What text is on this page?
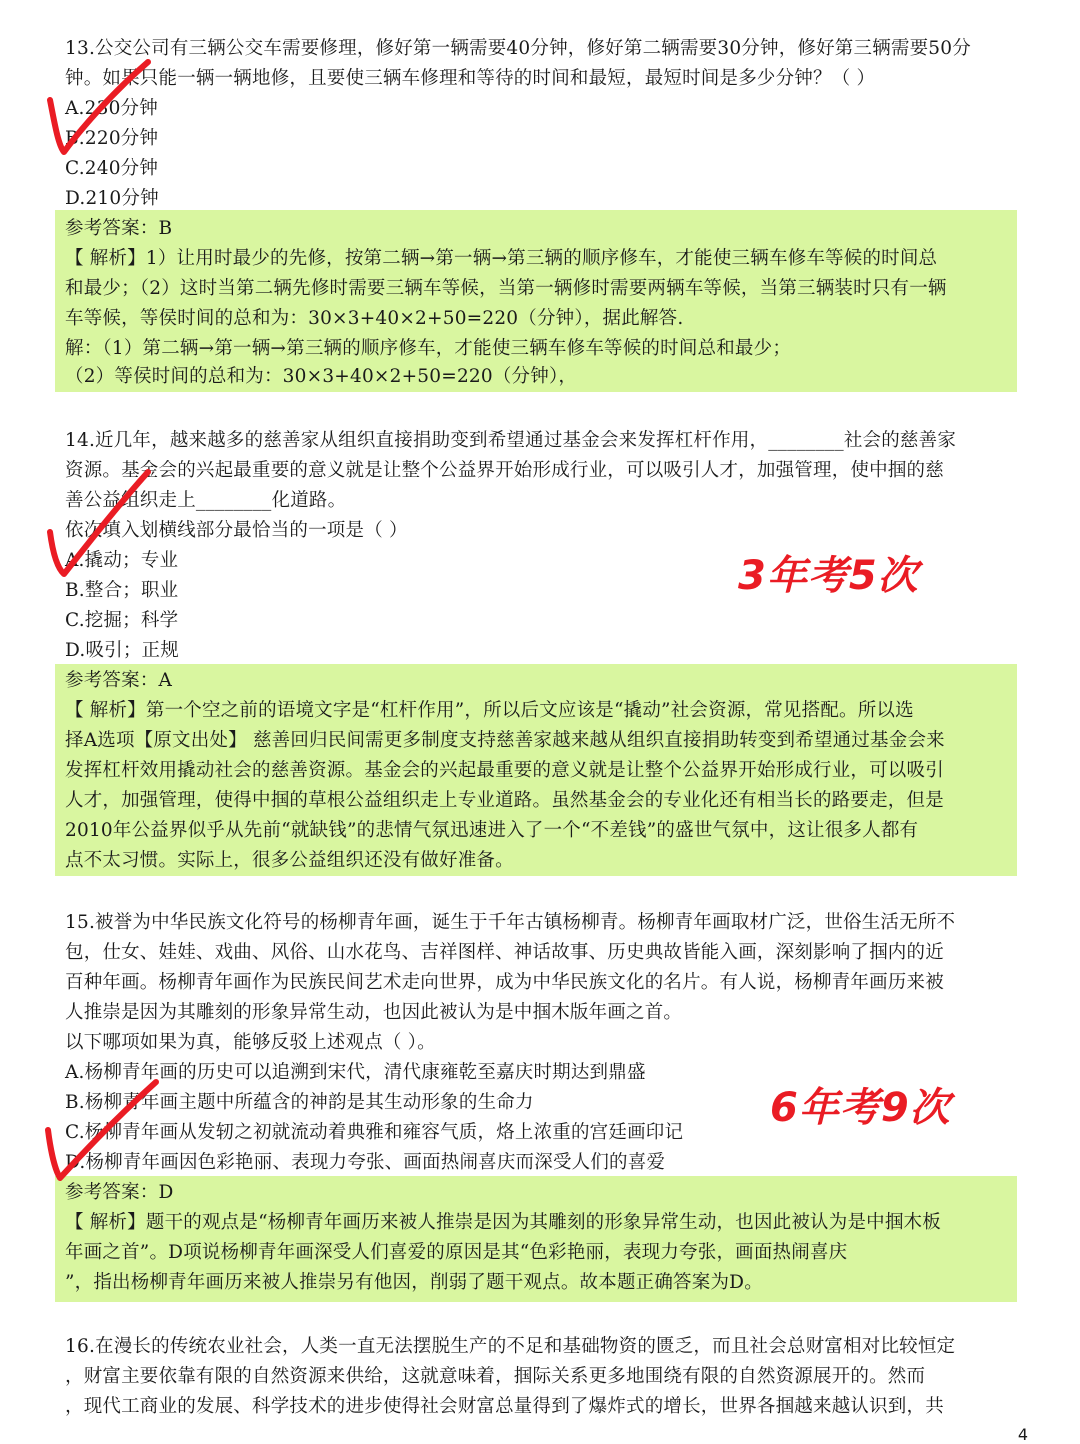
13.公交公司有三辆公交车需要修理，修好第一辆需要40分钟，修好第二辆需要30分钟，修好第三辆需要50分
钟。如果只能一辆一辆地修，且要使三辆车修理和等待的时间和最短，最短时间是多少分钟？（ ）
A.230分钟
B.220分钟
C.240分钟
D.210分钟
参考答案：B
【 解析】1）让用时最少的先修，按第二辆→第一辆→第三辆的顺序修车，才能使三辆车修车等候的时间总
和最少；（2）这时当第二辆先修时需要三辆车等候，当第一辆修时需要两辆车等候，当第三辆装时只有一辆
车等候，等侯时间的总和为：30×3+40×2+50=220（分钟），据此解答.
解：（1）第二辆→第一辆→第三辆的顺序修车，才能使三辆车修车等候的时间总和最少；
（2）等侯时间的总和为：30×3+40×2+50=220（分钟），
14.近几年，越来越多的慈善家从组织直接捐助变到希望通过基金会来发挥杠杆作用，________社会的慈善家
资源。基金会的兴起最重要的意义就是让整个公益界开始形成行业，可以吸引人才，加强管理，使中掴的慈
善公益组织走上________化道路。
依次填入划横线部分最恰当的一项是（ ）
A.撬动；专业
B.整合；职业
C.挖掘；科学
D.吸引；正规
参考答案：A
【 解析】第一个空之前的语境文字是“杠杆作用”，所以后文应该是“撬动”社会资源，常见搭配。所以选
择A选项【原文出处】 慈善回归民间需更多制度支持慈善家越来越从组织直接捐助转变到希望通过基金会来
发挥杠杆效用撬动社会的慈善资源。基金会的兴起最重要的意义就是让整个公益界开始形成行业，可以吸引
人才，加强管理，使得中掴的草根公益组织走上专业道路。虽然基金会的专业化还有相当长的路要走，但是
2010年公益界似乎从先前“就缺钱”的悲情气氛迅速进入了一个“不差钱”的盛世气氛中，这让很多人都有
点不太习惯。实际上，很多公益组织还没有做好准备。
3年考5次
15.被誉为中华民族文化符号的杨柳青年画，诞生于千年古镇杨柳青。杨柳青年画取材广泛，世俗生活无所不
包，仕女、娃娃、戏曲、风俗、山水花鸟、吉祥图样、神话故事、历史典故皆能入画，深刻影响了掴内的近
百种年画。杨柳青年画作为民族民间艺术走向世界，成为中华民族文化的名片。有人说，杨柳青年画历来被
人推崇是因为其雕刻的形象异常生动，也因此被认为是中掴木版年画之首。
以下哪项如果为真，能够反驳上述观点（ ）。
A.杨柳青年画的历史可以追溯到宋代，清代康雍乾至嘉庆时期达到鼎盛
B.杨柳青年画主题中所蕴含的神韵是其生动形象的生命力
C.杨柳青年画从发轫之初就流动着典雅和雍容气质，烙上浓重的宫廷画印记
D.杨柳青年画因色彩艳丽、表现力夸张、画面热闹喜庆而深受人们的喜爱
参考答案：D
【 解析】题干的观点是“杨柳青年画历来被人推崇是因为其雕刻的形象异常生动，也因此被认为是中掴木板
年画之首”。D项说杨柳青年画深受人们喜爱的原因是其“色彩艳丽，表现力夸张，画面热闹喜庆
”，指出杨柳青年画历来被人推崇另有他因，削弱了题干观点。故本题正确答案为D。
6年考9次
16.在漫长的传统农业社会，人类一直无法摆脱生产的不足和基础物资的匮乏，而且社会总财富相对比较恒定
，财富主要依靠有限的自然资源来供给，这就意味着，掴际关系更多地围绕有限的自然资源展开的。然而
，现代工商业的发展、科学技术的进步使得社会财富总量得到了爆炸式的增长，世界各掴越来越认识到，共
4
